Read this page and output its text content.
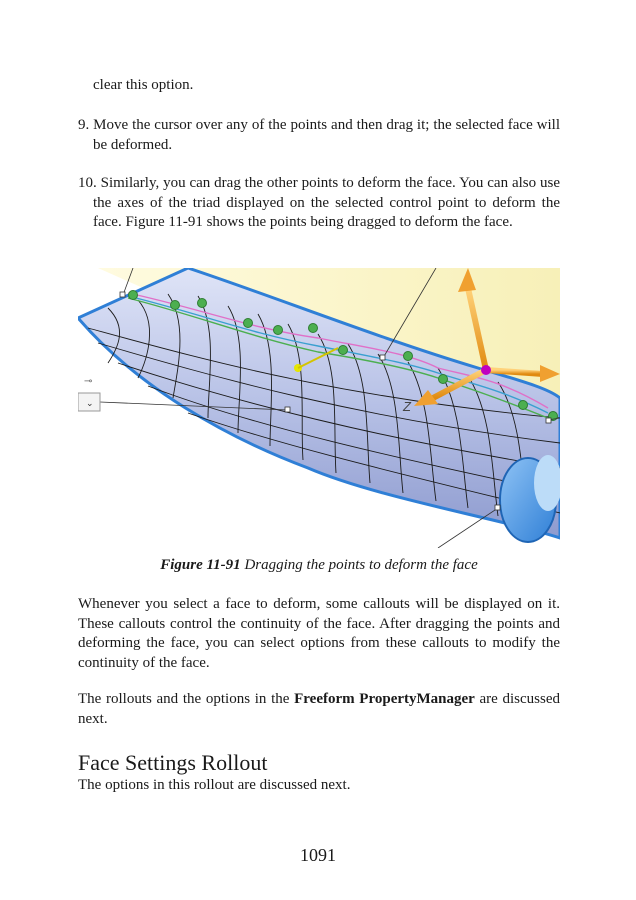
clear this option.

9. Move the cursor over any of the points and then drag it; the selected face will be deformed.
10. Similarly, you can drag the other points to deform the face. You can also use the axes of the triad displayed on the selected control point to deform the face. Figure 11-91 shows the points being dragged to deform the face.
Z
⌄
⊸
Figure 11-91 Dragging the points to deform the face

Whenever you select a face to deform, some callouts will be displayed on it. These callouts control the continuity of the face. After dragging the points and deforming the face, you can select options from these callouts to modify the continuity of the face.

The rollouts and the options in the Freeform PropertyManager are discussed next.

Face Settings Rollout

The options in this rollout are discussed next.

1091
